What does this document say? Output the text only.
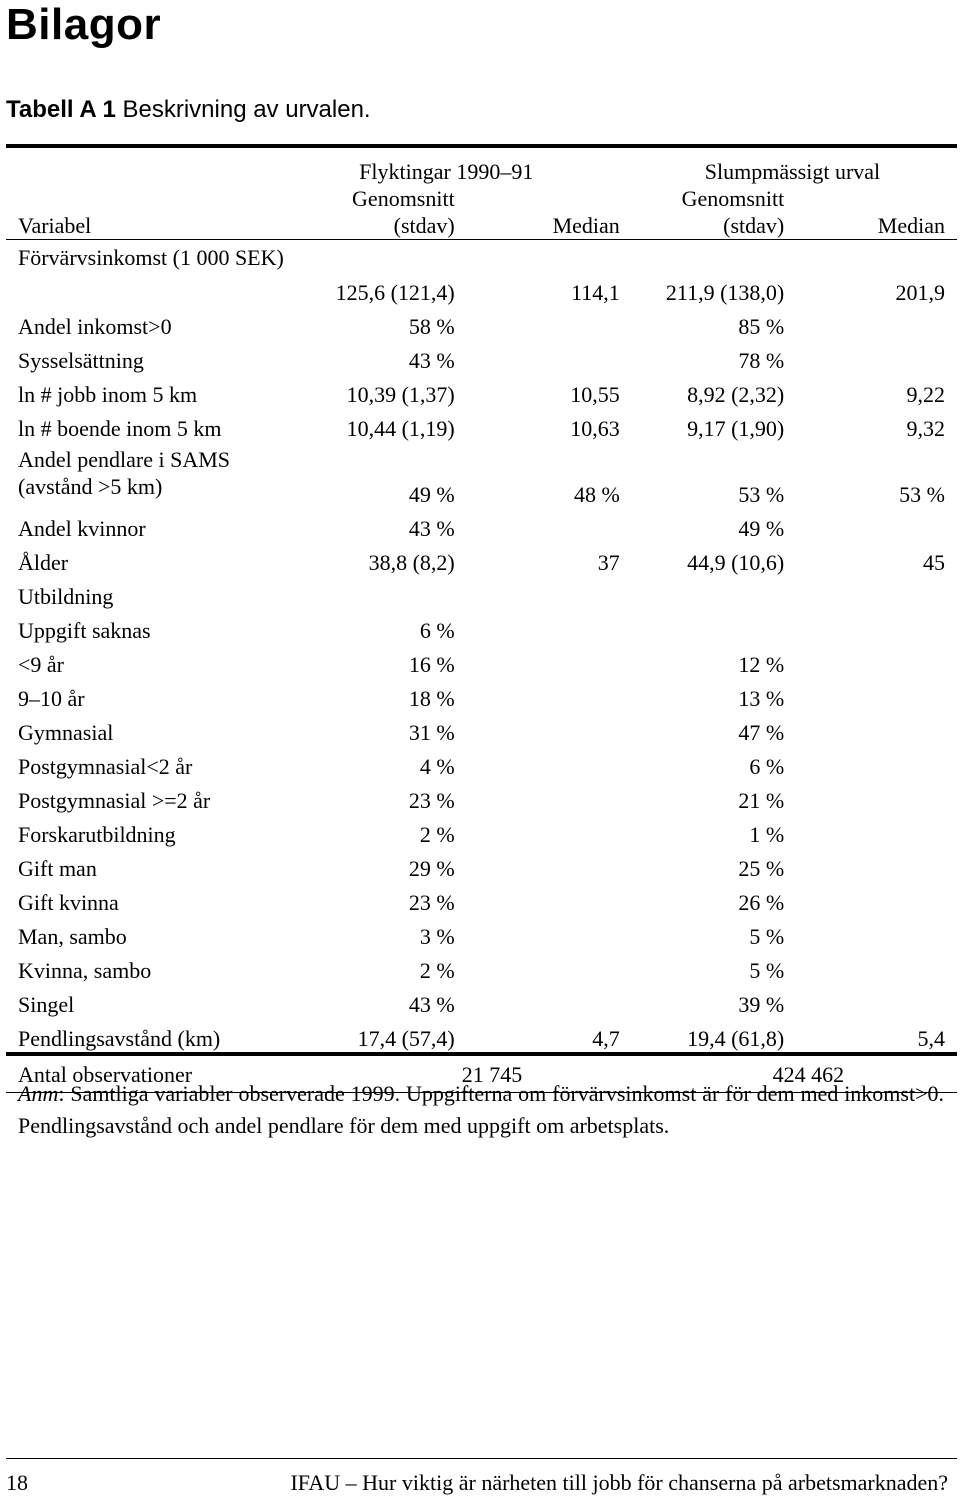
Bilagor
Tabell A 1 Beskrivning av urvalen.
	Flyktingar 1990–91		Slumpmässigt urval	
	Genomsnitt		Genomsnitt	
Variabel	(stdav)	Median	(stdav)	Median
Förvärvsinkomst (1 000 SEK)	125,6 (121,4)	114,1	211,9 (138,0)	201,9
Andel inkomst>0	58 %		85 %	
Sysselsättning	43 %		78 %	
ln # jobb inom 5 km	10,39 (1,37)	10,55	8,92 (2,32)	9,22
ln # boende inom 5 km	10,44 (1,19)	10,63	9,17 (1,90)	9,32
Andel pendlare i SAMS (avstånd >5 km)	49 %	48 %	53 %	53 %
Andel kvinnor	43 %		49 %	
Ålder	38,8 (8,2)	37	44,9 (10,6)	45
Utbildning				
Uppgift saknas	6 %			
<9 år	16 %		12 %	
9–10 år	18 %		13 %	
Gymnasial	31 %		47 %	
Postgymnasial<2 år	4 %		6 %	
Postgymnasial >=2 år	23 %		21 %	
Forskarutbildning	2 %		1 %	
Gift man	29 %		25 %	
Gift kvinna	23 %		26 %	
Man, sambo	3 %		5 %	
Kvinna, sambo	2 %		5 %	
Singel	43 %		39 %	
Pendlingsavstånd (km)	17,4 (57,4)	4,7	19,4 (61,8)	5,4
Antal observationer	21 745		424 462	
Anm: Samtliga variabler observerade 1999. Uppgifterna om förvärvsinkomst är för dem med inkomst>0. Pendlingsavstånd och andel pendlare för dem med uppgift om arbetsplats.
18	IFAU – Hur viktig är närheten till jobb för chanserna på arbetsmarknaden?
